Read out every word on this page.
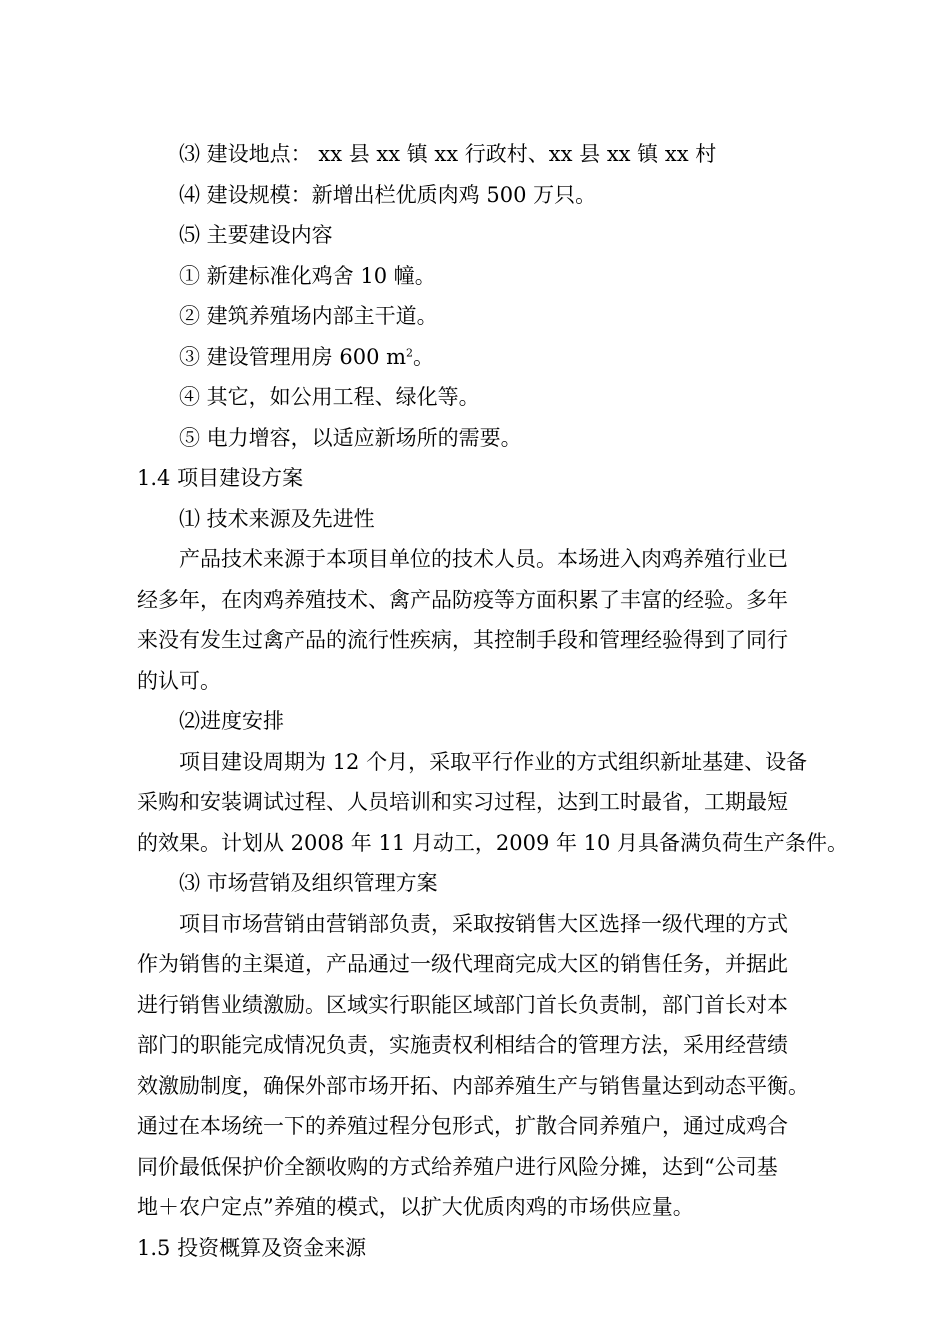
⑶ 建设地点： xx 县 xx 镇 xx 行政村、xx 县 xx 镇 xx 村
⑷ 建设规模：新增出栏优质肉鸡 500 万只。
⑸ 主要建设内容
① 新建标准化鸡舍 10 幢。
② 建筑养殖场内部主干道。
③ 建设管理用房 600 $m^2$。
④ 其它，如公用工程、绿化等。
⑤ 电力增容，以适应新场所的需要。
1.4 项目建设方案
⑴ 技术来源及先进性
产品技术来源于本项目单位的技术人员。本场进入肉鸡养殖行业已
经多年，在肉鸡养殖技术、禽产品防疫等方面积累了丰富的经验。多年
来没有发生过禽产品的流行性疾病，其控制手段和管理经验得到了同行
的认可。
⑵进度安排
项目建设周期为 12 个月，采取平行作业的方式组织新址基建、设备
采购和安装调试过程、人员培训和实习过程，达到工时最省，工期最短
的效果。计划从 2008 年 11 月动工，2009 年 10 月具备满负荷生产条件。
⑶ 市场营销及组织管理方案
项目市场营销由营销部负责，采取按销售大区选择一级代理的方式
作为销售的主渠道，产品通过一级代理商完成大区的销售任务，并据此
进行销售业绩激励。区域实行职能区域部门首长负责制，部门首长对本
部门的职能完成情况负责，实施责权利相结合的管理方法，采用经营绩
效激励制度，确保外部市场开拓、内部养殖生产与销售量达到动态平衡。
通过在本场统一下的养殖过程分包形式，扩散合同养殖户，通过成鸡合
同价最低保护价全额收购的方式给养殖户进行风险分摊，达到“公司基
地＋农户定点”养殖的模式，以扩大优质肉鸡的市场供应量。
1.5 投资概算及资金来源
